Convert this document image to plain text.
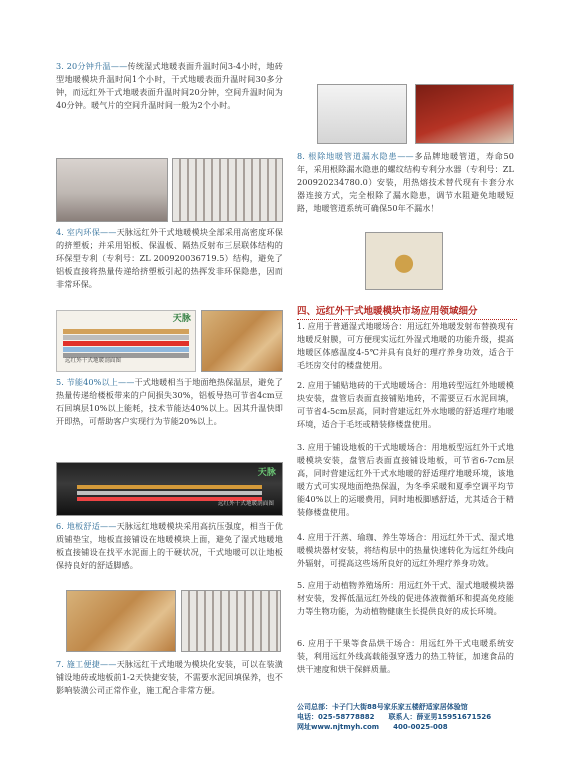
3. 20分钟升温——传统湿式地暖表面升温时间3-4小时，地砖型地暖模块升温时间1个小时，干式地暖表面升温时间30多分钟，而远红外干式地暖表面升温时间20分钟，空间升温时间为40分钟。暖气片的空间升温时间一般为2个小时。
4. 室内环保——天脉远红外干式地暖模块全部采用高密度环保的挤塑板；并采用铝板、保温板、隔热反射布三层联体结构的环保型专利（专利号：ZL 200920036719.5）结构，避免了铝板直接将热量传递给挤塑板引起的热挥发非环保隐患，因而非常环保。
天脉
远红外干式地暖剖面图
5. 节能40%以上——干式地暖相当于地面绝热保温层，避免了热量传递给楼板带来的户间损失30%，铝板导热可节省4cm豆石回填层10%以上能耗，技术节能达40%以上。因其升温快即开即热，可帮助客户实现行为节能20%以上。
天脉
远红外干式地暖剖面图
6. 地板舒适——天脉远红地暖模块采用高抗压强度，相当于优质铺垫宝，地板直接铺设在地暖模块上面，避免了湿式地暖地板直接铺设在找平水泥面上的干硬状况，干式地暖可以让地板保持良好的舒适脚感。
7. 施工便捷——天脉远红干式地暖为模块化安装，可以在装潢铺设地砖或地板前1-2天快捷安装，不需要水泥回填保养，也不影响装潢公司正常作业，施工配合非常方便。
8. 根除地暖管道漏水隐患——多品牌地暖管道，寿命50年，采用根除漏水隐患的螺纹结构专利分水器（专利号：ZL 200920234780.0）安装，用热熔技术替代现有卡套分水器连接方式，完全根除了漏水隐患，调节水阻避免地暖短路，地暖管道系统可确保50年不漏水！
四、远红外干式地暖模块市场应用领域细分
1. 应用于普通湿式地暖场合：用远红外地暖发射布替换现有地暖反射膜，可方便现实远红外湿式地暖的功能升级，提高地暖区体感温度4-5℃并具有良好的理疗养身功效，适合于毛坯房交付的楼盘使用。
2. 应用于铺贴地砖的干式地暖场合：用地砖型远红外地暖模块安装，盘管后表面直接铺贴地砖，不需要豆石水泥回填，可节省4-5cm层高，同时营建远红外水地暖的舒适理疗地暖环境，适合于毛坯或精装修楼盘使用。
3. 应用于铺设地板的干式地暖场合：用地板型远红外干式地暖模块安装，盘管后表面直接铺设地板，可节省6-7cm层高，同时营建远红外干式水地暖的舒适理疗地暖环境，该地暖方式可实现地面绝热保温，为冬季采暖和夏季空调平均节能40%以上的运暖费用，同时地板脚感舒适，尤其适合于精装修楼盘使用。
4. 应用于汗蒸、瑜珈、养生等场合：用远红外干式、湿式地暖模块器材安装，将结构层中的热量快速转化为远红外线向外辐射，可提高这些场所良好的远红外理疗养身功效。
5. 应用于动植物养殖场所：用远红外干式、湿式地暖模块器材安装，发挥低温远红外线的促进体液微循环和提高免疫能力等生物功能，为动植物健康生长提供良好的成长环境。
6. 应用于干果等食品烘干场合：用远红外干式电暖系统安装，利用远红外线高载能强穿透力的热工特征，加速食品的烘干速度和烘干保鲜质量。
公司总部：卡子门大街88号家乐家五楼舒适家居体验馆
电话：025-58778882　　联系人：薛亚男15951671526
网址www.njtmyh.com　　400-0025-008
